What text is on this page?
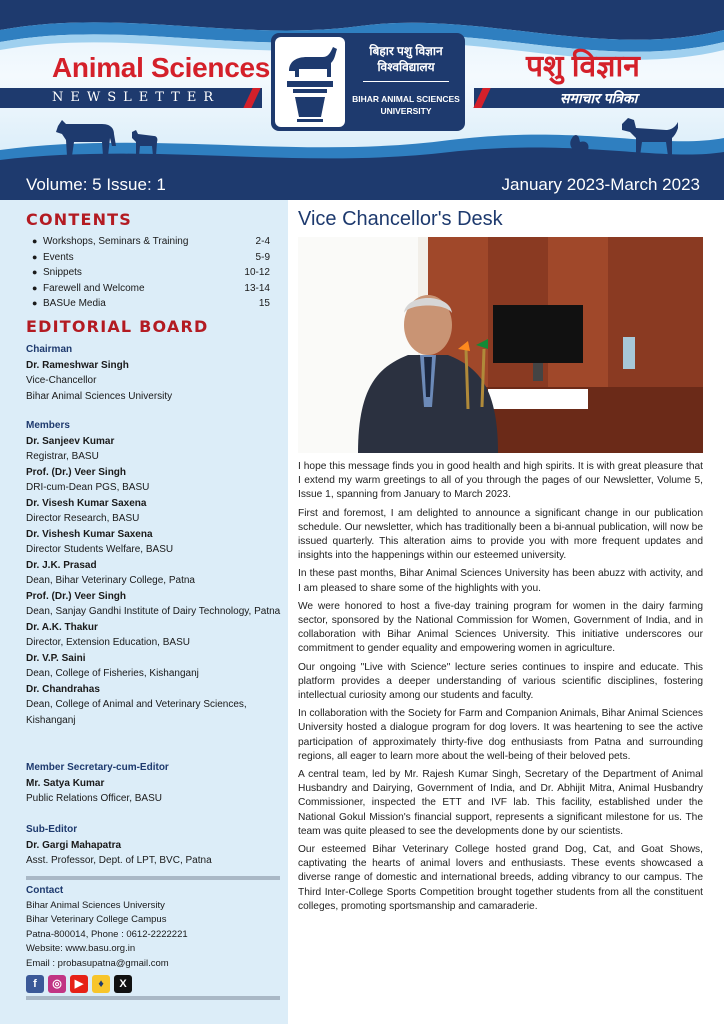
Animal Sciences
NEWSLETTER
पशु विज्ञान
समाचार पत्रिका
बिहार पशु विज्ञान
विश्वविद्यालय
BIHAR ANIMAL SCIENCES
UNIVERSITY
Volume: 5 Issue: 1	January 2023-March 2023
CONTENTS
● Workshops, Seminars & Training	2-4
● Events	5-9
● Snippets	10-12
● Farewell and Welcome	13-14
● BASUe Media	15
EDITORIAL BOARD
Chairman
Dr. Rameshwar Singh
Vice-Chancellor
Bihar Animal Sciences University
Members
Dr. Sanjeev Kumar
Registrar, BASU
Prof. (Dr.) Veer Singh
DRI-cum-Dean PGS, BASU
Dr. Visesh Kumar Saxena
Director Research, BASU
Dr. Vishesh Kumar Saxena
Director Students Welfare, BASU
Dr. J.K. Prasad
Dean, Bihar Veterinary College, Patna
Prof. (Dr.) Veer Singh
Dean, Sanjay Gandhi Institute of Dairy Technology, Patna
Dr. A.K. Thakur
Director, Extension Education, BASU
Dr. V.P. Saini
Dean, College of Fisheries, Kishanganj
Dr. Chandrahas
Dean, College of Animal and Veterinary Sciences, Kishanganj
Member Secretary-cum-Editor
Mr. Satya Kumar
Public Relations Officer, BASU
Sub-Editor
Dr. Gargi Mahapatra
Asst. Professor, Dept. of LPT, BVC, Patna
Contact
Bihar Animal Sciences University
Bihar Veterinary College Campus
Patna-800014, Phone : 0612-2222221
Website: www.basu.org.in
Email : probasupatna@gmail.com
f ◎ ▶ ♦ X
Vice Chancellor's Desk

I hope this message finds you in good health and high spirits. It is with great pleasure that I extend my warm greetings to all of you through the pages of our Newsletter, Volume 5, Issue 1, spanning from January to March 2023.

First and foremost, I am delighted to announce a significant change in our publication schedule. Our newsletter, which has traditionally been a bi-annual publication, will now be issued quarterly. This alteration aims to provide you with more frequent updates and insights into the happenings within our esteemed university.

In these past months, Bihar Animal Sciences University has been abuzz with activity, and I am pleased to share some of the highlights with you.

We were honored to host a five-day training program for women in the dairy farming sector, sponsored by the National Commission for Women, Government of India, and in collaboration with Bihar Animal Sciences University. This initiative underscores our commitment to gender equality and empowering women in agriculture.

Our ongoing "Live with Science" lecture series continues to inspire and educate. This platform provides a deeper understanding of various scientific disciplines, fostering intellectual curiosity among our students and faculty.

In collaboration with the Society for Farm and Companion Animals, Bihar Animal Sciences University hosted a dialogue program for dog lovers. It was heartening to see the active participation of approximately thirty-five dog enthusiasts from Patna and surrounding regions, all eager to learn more about the well-being of their beloved pets.

A central team, led by Mr. Rajesh Kumar Singh, Secretary of the Department of Animal Husbandry and Dairying, Government of India, and Dr. Abhijit Mitra, Animal Husbandry Commissioner, inspected the ETT and IVF lab. This facility, established under the National Gokul Mission's financial support, represents a significant milestone for us. The team was quite pleased to see the developments done by our scientists.

Our esteemed Bihar Veterinary College hosted grand Dog, Cat, and Goat Shows, captivating the hearts of animal lovers and enthusiasts. These events showcased a diverse range of domestic and international breeds, adding vibrancy to our campus. The Third Inter-College Sports Competition brought together students from all the constituent colleges, promoting sportsmanship and camaraderie.
